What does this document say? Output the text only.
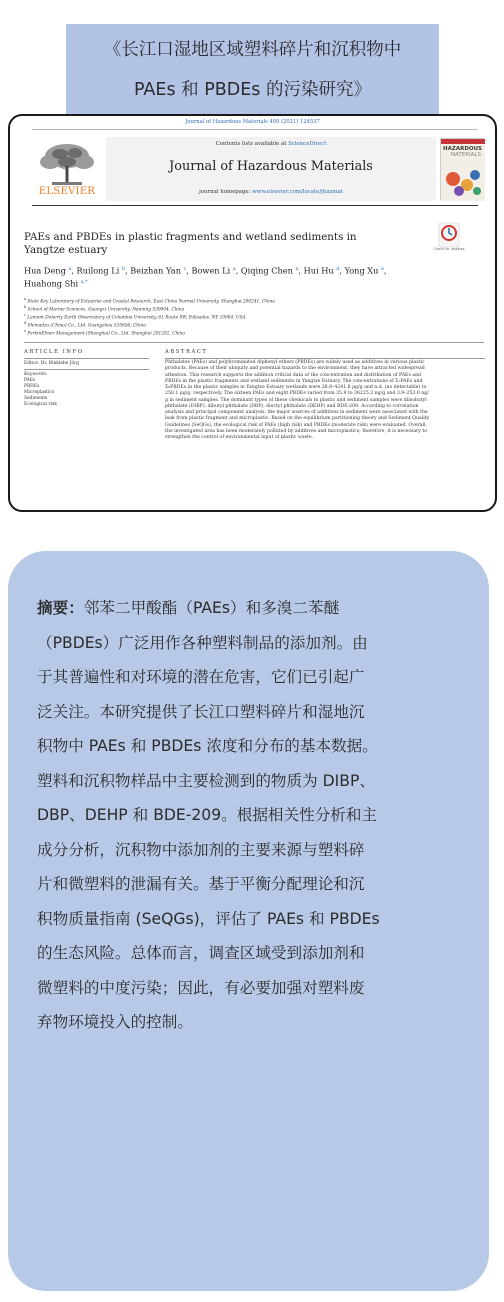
《长江口湿地区域塑料碎片和沉积物中
PAEs 和 PBDEs 的污染研究》
Journal of Hazardous Materials 409 (2021) 124537
ELSEVIER
Contents lists available at ScienceDirect
Journal of Hazardous Materials
journal homepage: www.elsevier.com/locate/jhazmat
HAZARDOUS
MATERIALS
PAEs and PBDEs in plastic fragments and wetland sediments in
Yangtze estuary	Check for updates
Hua Deng $^a$, Ruilong Li $^b$, Beizhan Yan $^c$, Bowen Li $^a$, Qiqing Chen $^a$, Hui Hu $^d$, Yong Xu $^e$,
Huahong Shi $^{a,*}$
$^a$ State Key Laboratory of Estuarine and Coastal Research, East China Normal University, Shanghai 200241, China
$^b$ School of Marine Sciences, Guangxi University, Nanning 530004, China
$^c$ Lamont-Doherty Earth Observatory of Columbia University, 61 Route 9W, Palisades, NY 10964, USA
$^d$ Shimadzu (China) Co., Ltd, Guangzhou 510656, China
$^e$ PerkinElmer Management (Shanghai) Co., Ltd, Shanghai 201202, China
ARTICLE INFO	ABSTRACT
Editor: Dr. Rinklebe Jörg
Keywords:
PAEs
PBDEs
Microplastics
Sediments
Ecological risk
Phthalates (PAEs) and polybrominated diphenyl ethers (PBDEs) are widely used as additives in various plastic
products. Because of their ubiquity and potential hazards to the environment, they have attracted widespread
attention. This research supports the addition critical data of the concentration and distribution of PAEs and
PBDEs in the plastic fragments and wetland sediments in Yangtze Estuary. The concentrations of Σ₇PAEs and
Σ₈PBDEs in the plastic samples in Yangtze Estuary wetlands were 26.8–4241.8 μg/g and n.d. (no detectable) to
250.1 μg/g, respectively. The sixteen PAEs and eight PBDEs varied from 35.9 to 36225.2 ng/g and 3.9–253.0 ng/
g in sediment samples. The dominant types of these chemicals in plastic and sediment samples were diisobutyl
phthalate (DIBP), dibutyl phthalate (DBP), dioctyl phthalate (DEHP) and BDE-209. According to correlation
analysis and principal component analysis, the major sources of additives in sediment were associated with the
leak from plastic fragment and microplastic. Based on the equilibrium partitioning theory and Sediment Quality
Guidelines (SeQGs), the ecological risk of PAEs (high risk) and PBDEs (moderate risk) were evaluated. Overall,
the investigated area has been moderately polluted by additives and microplastics; therefore, it is necessary to
strengthen the control of environmental input of plastic waste.
摘要：邻苯二甲酸酯（PAEs）和多溴二苯醚
（PBDEs）广泛用作各种塑料制品的添加剂。由
于其普遍性和对环境的潜在危害，它们已引起广
泛关注。本研究提供了长江口塑料碎片和湿地沉
积物中 PAEs 和 PBDEs 浓度和分布的基本数据。
塑料和沉积物样品中主要检测到的物质为 DIBP、
DBP、DEHP 和 BDE-209。根据相关性分析和主
成分分析，沉积物中添加剂的主要来源与塑料碎
片和微塑料的泄漏有关。基于平衡分配理论和沉
积物质量指南 (SeQGs)，评估了 PAEs 和 PBDEs
的生态风险。总体而言，调查区域受到添加剂和
微塑料的中度污染；因此，有必要加强对塑料废
弃物环境投入的控制。
